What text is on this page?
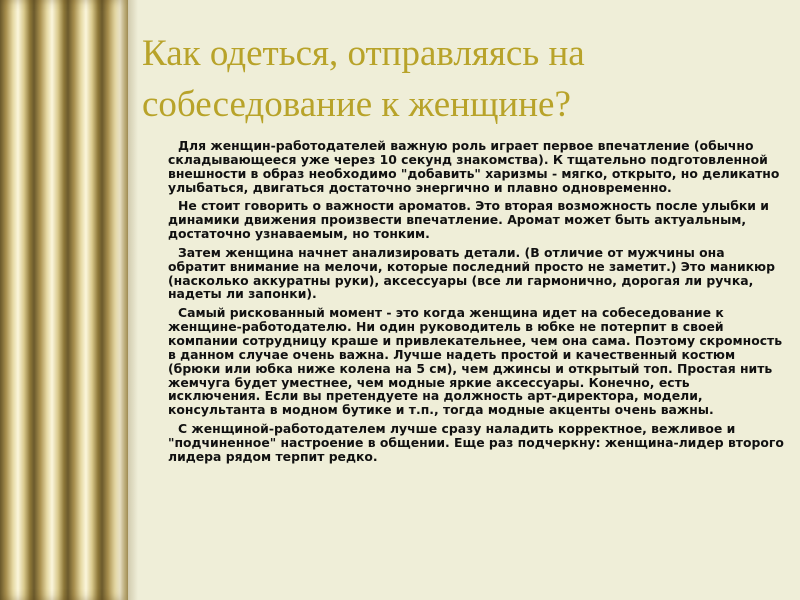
Как одеться, отправляясь на собеседование к женщине?

Для женщин-работодателей важную роль играет первое впечатление (обычно складывающееся уже через 10 секунд знакомства). К тщательно подготовленной внешности в образ необходимо "добавить" харизмы - мягко, открыто, но деликатно улыбаться, двигаться достаточно энергично и плавно одновременно.

Не стоит говорить о важности ароматов. Это вторая возможность после улыбки и динамики движения произвести впечатление. Аромат может быть актуальным, достаточно узнаваемым, но тонким.

Затем женщина начнет анализировать детали. (В отличие от мужчины она обратит внимание на мелочи, которые последний просто не заметит.) Это маникюр (насколько аккуратны руки), аксессуары (все ли гармонично, дорогая ли ручка, надеты ли запонки).

Самый рискованный момент - это когда женщина идет на собеседование к женщине-работодателю. Ни один руководитель в юбке не потерпит в своей компании сотрудницу краше и привлекательнее, чем она сама. Поэтому скромность в данном случае очень важна. Лучше надеть простой и качественный костюм (брюки или юбка ниже колена на 5 см), чем джинсы и открытый топ. Простая нить жемчуга будет уместнее, чем модные яркие аксессуары. Конечно, есть исключения. Если вы претендуете на должность арт-директора, модели, консультанта в модном бутике и т.п., тогда модные акценты очень важны.

С женщиной-работодателем лучше сразу наладить корректное, вежливое и "подчиненное" настроение в общении. Еще раз подчеркну: женщина-лидер второго лидера рядом терпит редко.
